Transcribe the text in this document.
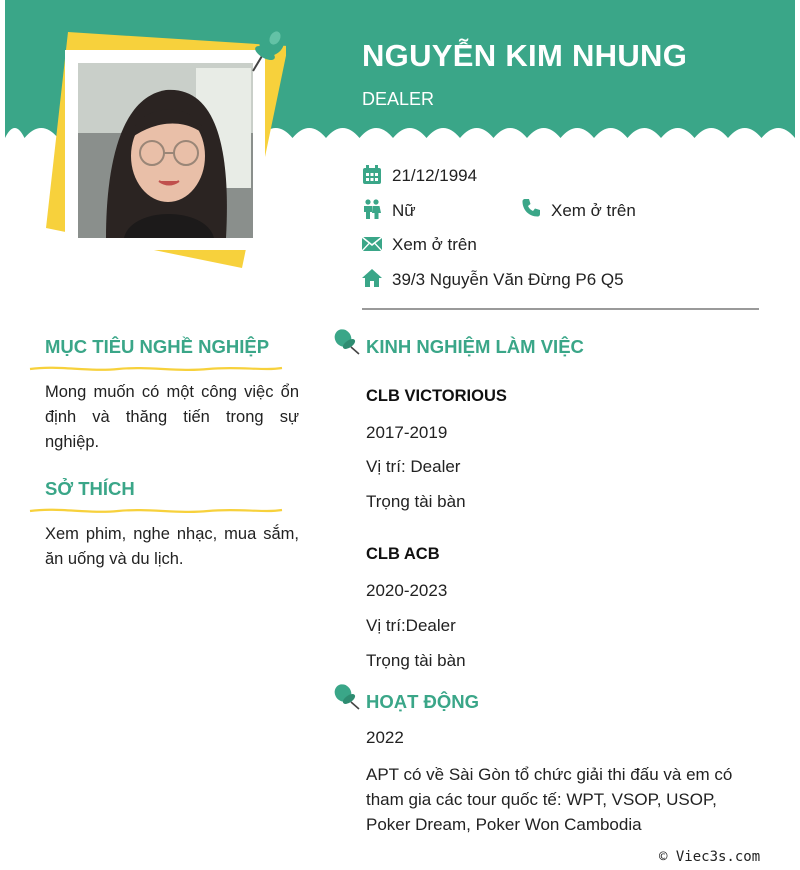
NGUYỄN KIM NHUNG
DEALER
21/12/1994
Nữ	Xem ở trên
Xem ở trên
39/3 Nguyễn Văn Đừng P6 Q5
MỤC TIÊU NGHỀ NGHIỆP
Mong muốn có một công việc ổn định và thăng tiến trong sự nghiệp.
SỞ THÍCH
Xem phim, nghe nhạc, mua sắm, ăn uống và du lịch.
KINH NGHIỆM LÀM VIỆC
CLB VICTORIOUS
2017-2019
Vị trí: Dealer
Trọng tài bàn
CLB ACB
2020-2023
Vị trí:Dealer
Trọng tài bàn
HOẠT ĐỘNG
2022
APT có về Sài Gòn tổ chức giải thi đấu và em có tham gia các tour quốc tế: WPT, VSOP, USOP, Poker Dream, Poker Won Cambodia
© Viec3s.com
